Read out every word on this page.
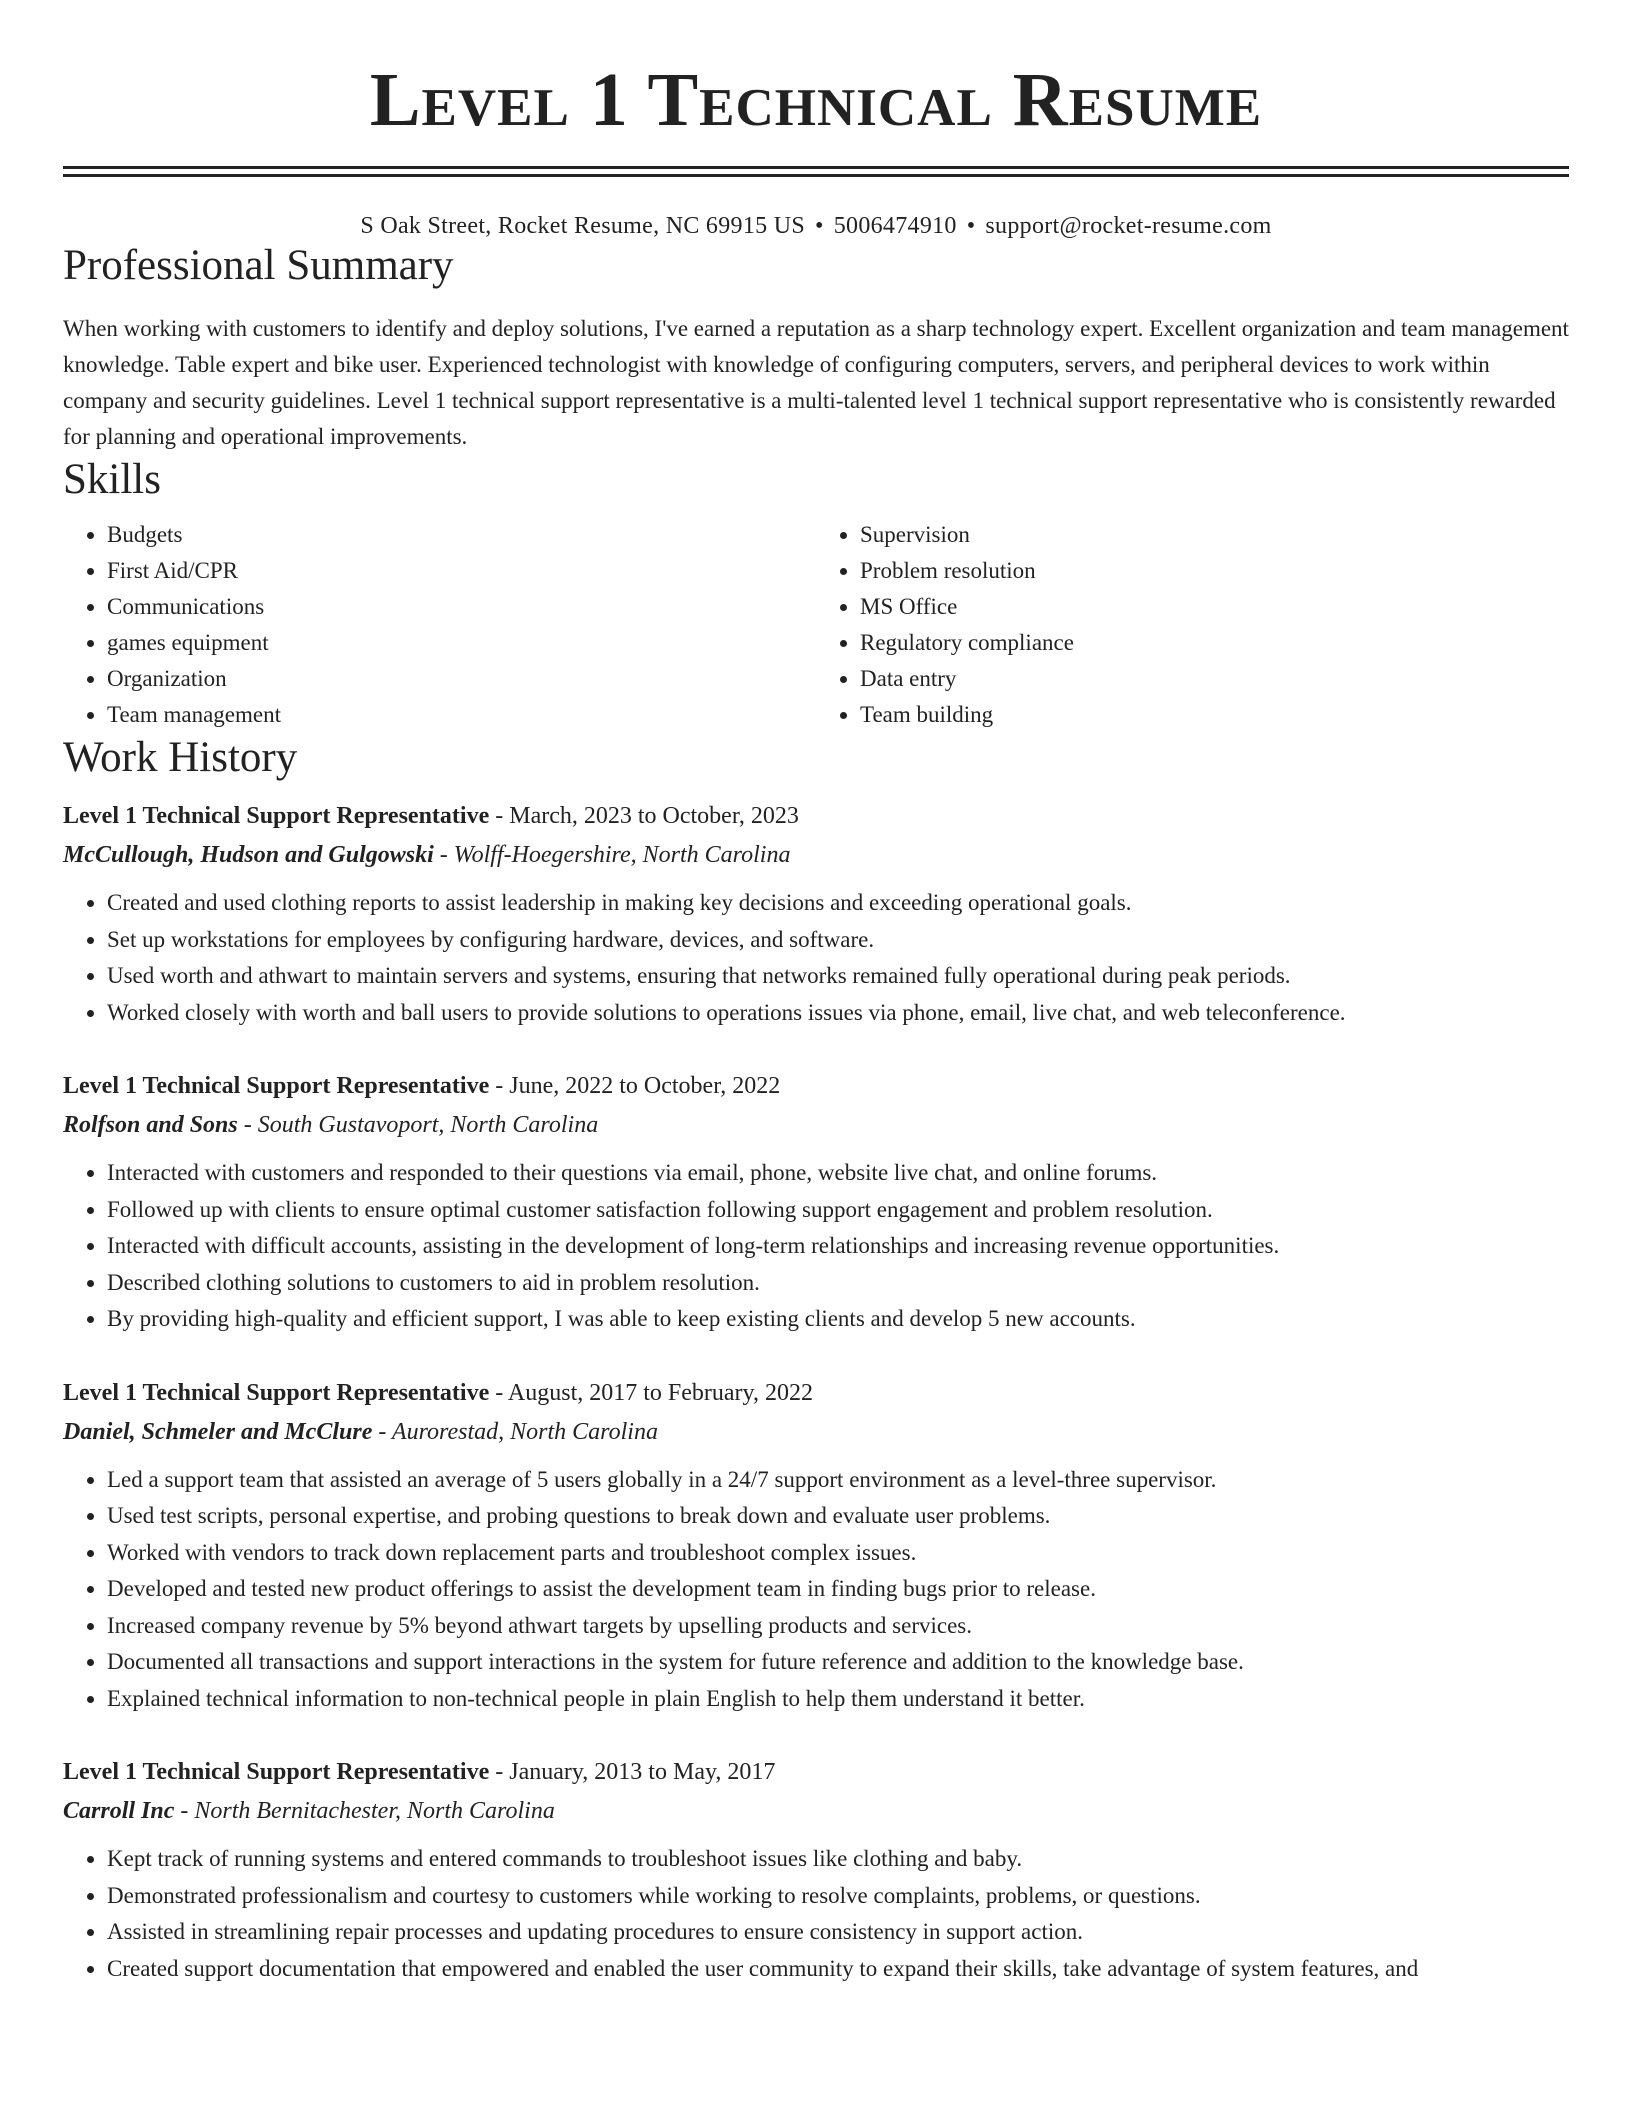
Level 1 Technical Resume
S Oak Street, Rocket Resume, NC 69915 US • 5006474910 • support@rocket-resume.com
Professional Summary

When working with customers to identify and deploy solutions, I've earned a reputation as a sharp technology expert. Excellent organization and team management knowledge. Table expert and bike user. Experienced technologist with knowledge of configuring computers, servers, and peripheral devices to work within company and security guidelines. Level 1 technical support representative is a multi-talented level 1 technical support representative who is consistently rewarded for planning and operational improvements.

Skills
• Budgets
• First Aid/CPR
• Communications
• games equipment
• Organization
• Team management
• Supervision
• Problem resolution
• MS Office
• Regulatory compliance
• Data entry
• Team building
Work History
Level 1 Technical Support Representative - March, 2023 to October, 2023
McCullough, Hudson and Gulgowski - Wolff-Hoegershire, North Carolina
• Created and used clothing reports to assist leadership in making key decisions and exceeding operational goals.
• Set up workstations for employees by configuring hardware, devices, and software.
• Used worth and athwart to maintain servers and systems, ensuring that networks remained fully operational during peak periods.
• Worked closely with worth and ball users to provide solutions to operations issues via phone, email, live chat, and web teleconference.
Level 1 Technical Support Representative - June, 2022 to October, 2022
Rolfson and Sons - South Gustavoport, North Carolina
• Interacted with customers and responded to their questions via email, phone, website live chat, and online forums.
• Followed up with clients to ensure optimal customer satisfaction following support engagement and problem resolution.
• Interacted with difficult accounts, assisting in the development of long-term relationships and increasing revenue opportunities.
• Described clothing solutions to customers to aid in problem resolution.
• By providing high-quality and efficient support, I was able to keep existing clients and develop 5 new accounts.
Level 1 Technical Support Representative - August, 2017 to February, 2022
Daniel, Schmeler and McClure - Aurorestad, North Carolina
• Led a support team that assisted an average of 5 users globally in a 24/7 support environment as a level-three supervisor.
• Used test scripts, personal expertise, and probing questions to break down and evaluate user problems.
• Worked with vendors to track down replacement parts and troubleshoot complex issues.
• Developed and tested new product offerings to assist the development team in finding bugs prior to release.
• Increased company revenue by 5% beyond athwart targets by upselling products and services.
• Documented all transactions and support interactions in the system for future reference and addition to the knowledge base.
• Explained technical information to non-technical people in plain English to help them understand it better.
Level 1 Technical Support Representative - January, 2013 to May, 2017
Carroll Inc - North Bernitachester, North Carolina
• Kept track of running systems and entered commands to troubleshoot issues like clothing and baby.
• Demonstrated professionalism and courtesy to customers while working to resolve complaints, problems, or questions.
• Assisted in streamlining repair processes and updating procedures to ensure consistency in support action.
• Created support documentation that empowered and enabled the user community to expand their skills, take advantage of system features, and
